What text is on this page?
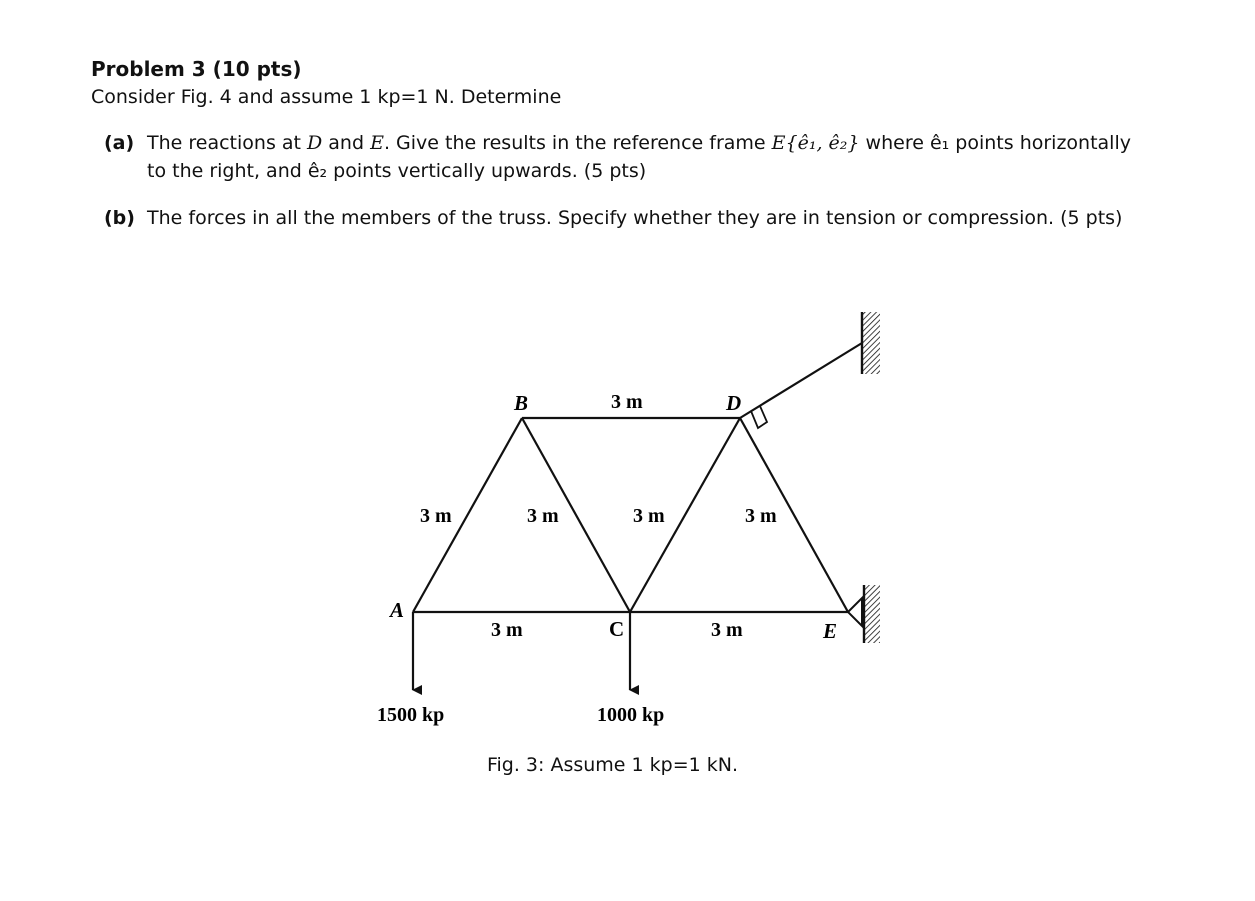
Problem 3 (10 pts)
Consider Fig. 4 and assume 1 kp=1 N. Determine
(a) The reactions at D and E. Give the results in the reference frame E{ê₁, ê₂} where ê₁ points horizontally to the right, and ê₂ points vertically upwards. (5 pts)
(b) The forces in all the members of the truss. Specify whether they are in tension or compression. (5 pts)
B	D
A
C	E
3 m
3 m	3 m	3 m	3 m
3 m	3 m
1500 kp	1000 kp
Fig. 3: Assume 1 kp=1 kN.
